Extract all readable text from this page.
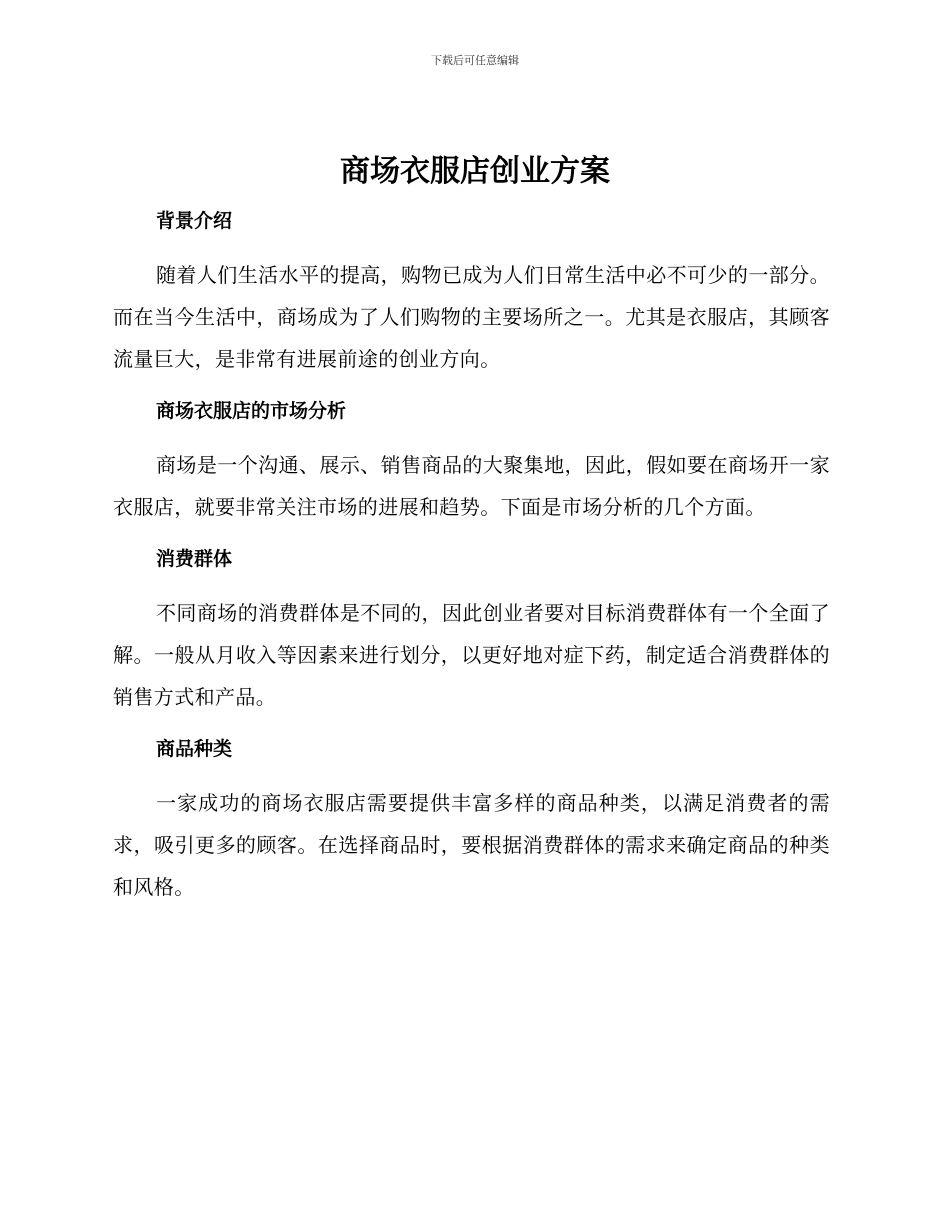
下载后可任意编辑
商场衣服店创业方案
背景介绍

随着人们生活水平的提高，购物已成为人们日常生活中必不可少的一部分。而在当今生活中，商场成为了人们购物的主要场所之一。尤其是衣服店，其顾客流量巨大，是非常有进展前途的创业方向。

商场衣服店的市场分析

商场是一个沟通、展示、销售商品的大聚集地，因此，假如要在商场开一家衣服店，就要非常关注市场的进展和趋势。下面是市场分析的几个方面。

消费群体

不同商场的消费群体是不同的，因此创业者要对目标消费群体有一个全面了解。一般从月收入等因素来进行划分，以更好地对症下药，制定适合消费群体的销售方式和产品。

商品种类

一家成功的商场衣服店需要提供丰富多样的商品种类，以满足消费者的需求，吸引更多的顾客。在选择商品时，要根据消费群体的需求来确定商品的种类和风格。
